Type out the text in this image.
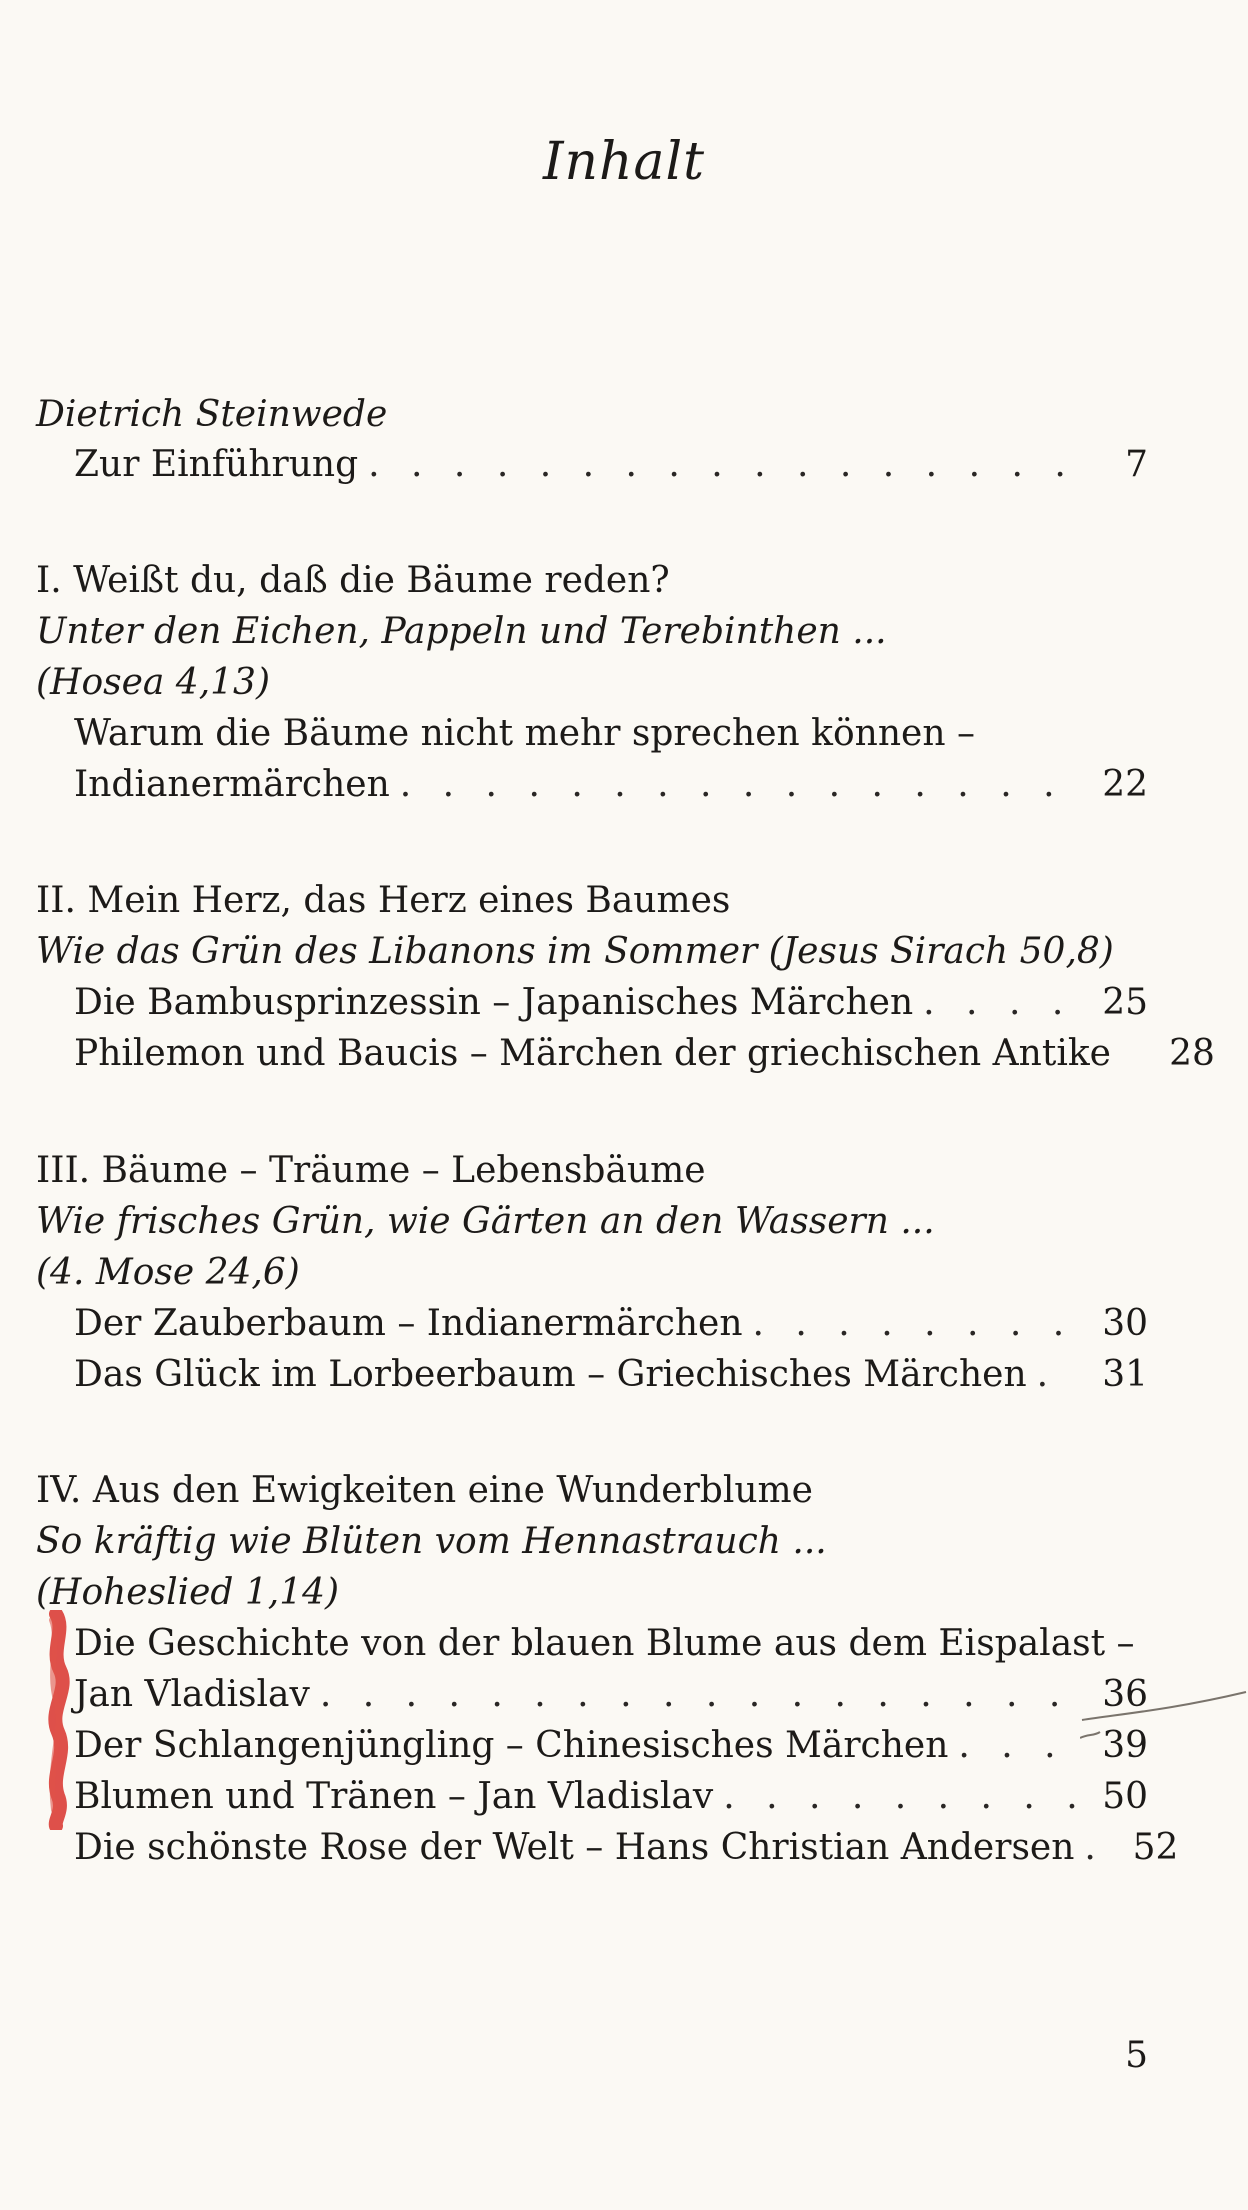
Inhalt
Dietrich Steinwede
Zur Einführung . . .	7
I. Weißt du, daß die Bäume reden?
Unter den Eichen, Pappeln und Terebinthen ...
(Hosea 4,13)
Warum die Bäume nicht mehr sprechen können –
Indianermärchen . . .	22
II. Mein Herz, das Herz eines Baumes
Wie das Grün des Libanons im Sommer (Jesus Sirach 50,8)
Die Bambusprinzessin – Japanisches Märchen . . .	25
Philemon und Baucis – Märchen der griechischen Antike	28
III. Bäume – Träume – Lebensbäume
Wie frisches Grün, wie Gärten an den Wassern ...
(4. Mose 24,6)
Der Zauberbaum – Indianermärchen . . .	30
Das Glück im Lorbeerbaum – Griechisches Märchen . . .	31
IV. Aus den Ewigkeiten eine Wunderblume
So kräftig wie Blüten vom Hennastrauch ...
(Hoheslied 1,14)
Die Geschichte von der blauen Blume aus dem Eispalast –
Jan Vladislav . . .	36
Der Schlangenjüngling – Chinesisches Märchen . . .	39
Blumen und Tränen – Jan Vladislav . . .	50
Die schönste Rose der Welt – Hans Christian Andersen . . .	52
5
